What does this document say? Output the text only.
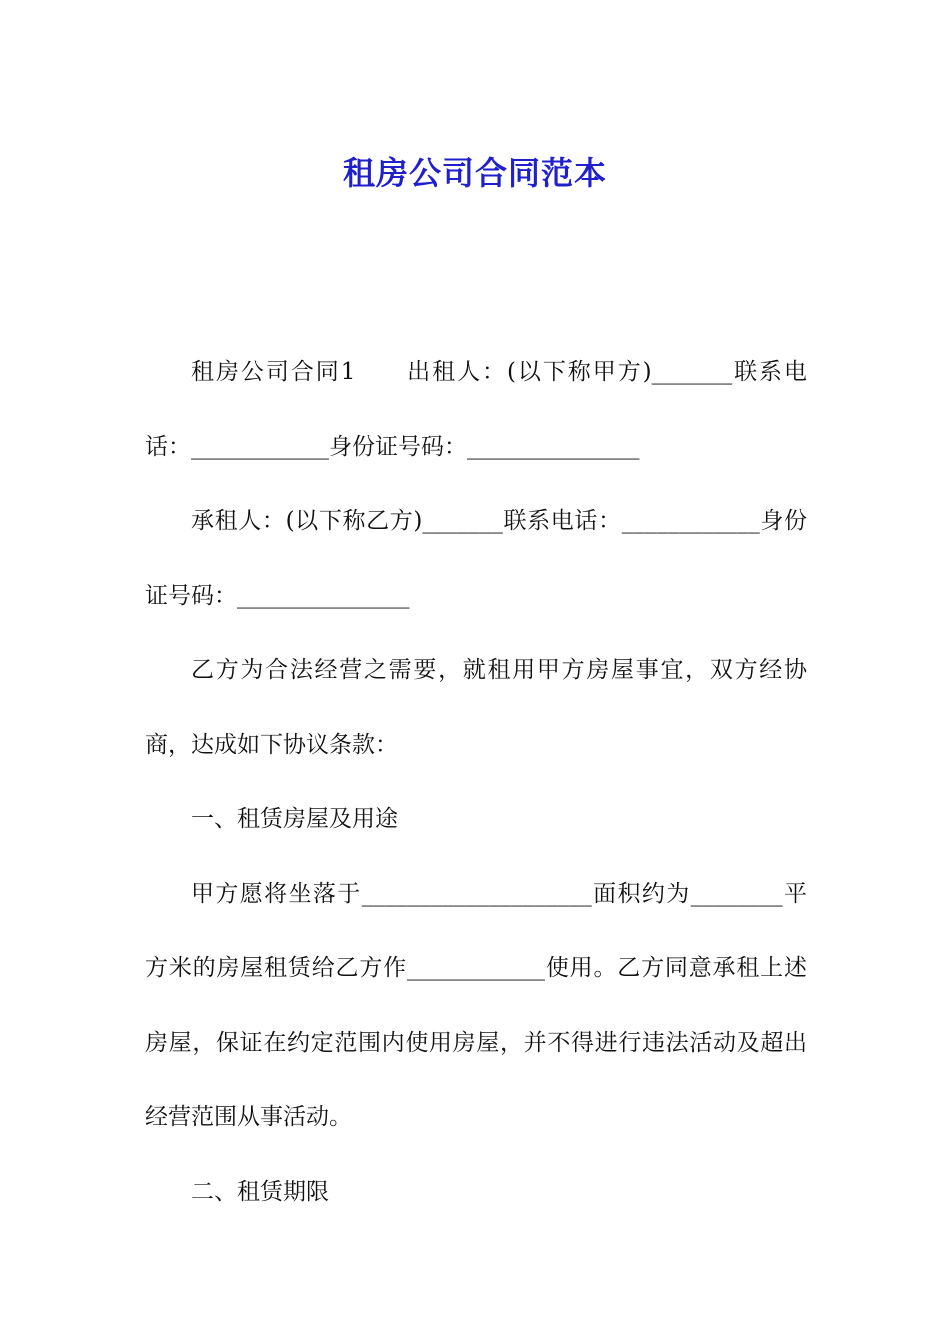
租房公司合同范本

租房公司合同1　　出租人：(以下称甲方)_______联系电话：____________身份证号码：_______________

承租人：(以下称乙方)_______联系电话：____________身份证号码：_______________

乙方为合法经营之需要，就租用甲方房屋事宜，双方经协商，达成如下协议条款：

一、租赁房屋及用途

甲方愿将坐落于____________________面积约为________平方米的房屋租赁给乙方作____________使用。乙方同意承租上述房屋，保证在约定范围内使用房屋，并不得进行违法活动及超出经营范围从事活动。

二、租赁期限
